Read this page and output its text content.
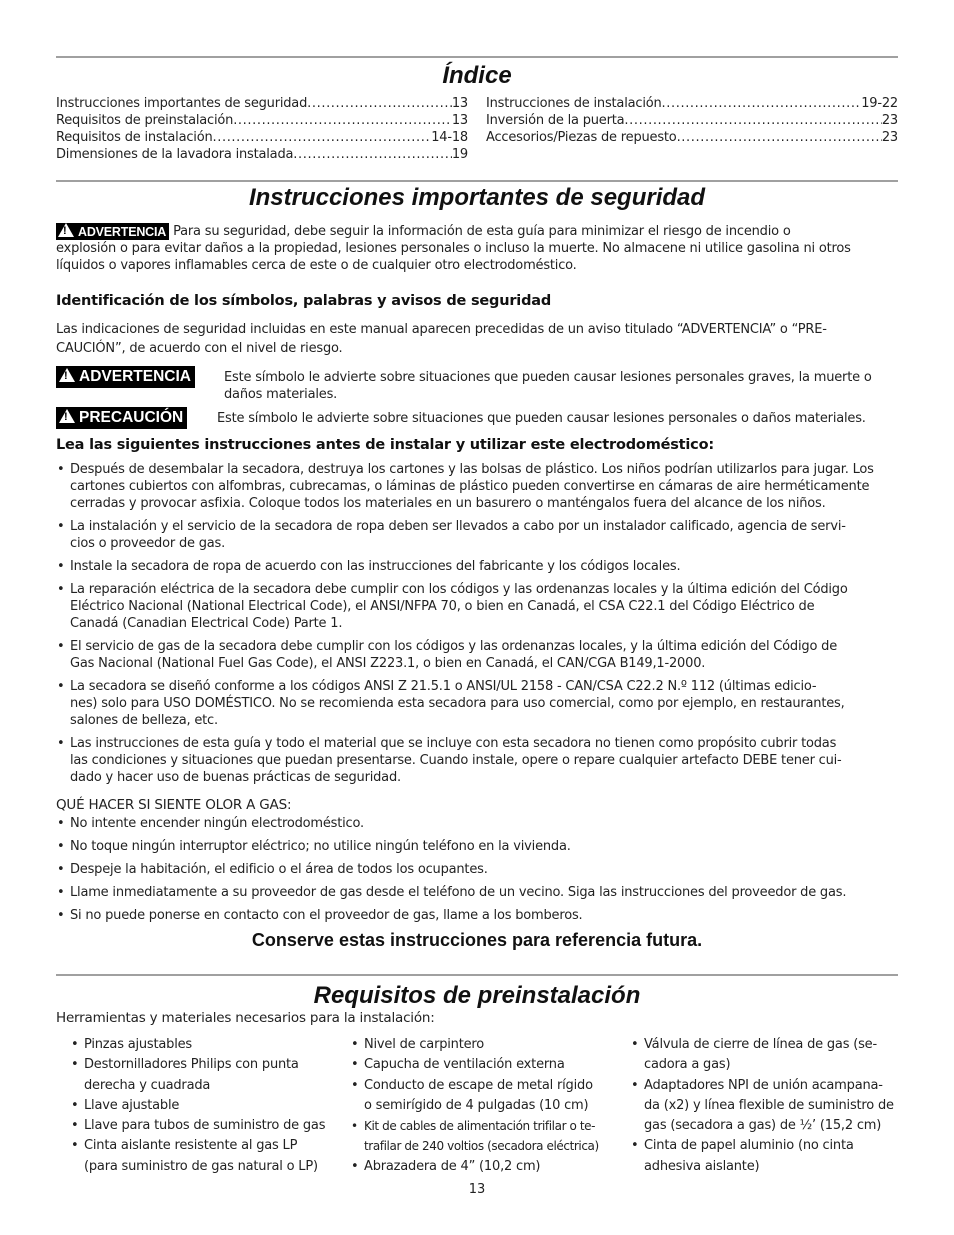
Índice
Instrucciones importantes de seguridad .....	13
Requisitos de preinstalación .....	13
Requisitos de instalación .....	14-18
Dimensiones de la lavadora instalada .....	19
Instrucciones de instalación .....	19-22
Inversión de la puerta .....	23
Accesorios/Piezas de repuesto .....	23
Instrucciones importantes de seguridad
!ADVERTENCIA Para su seguridad, debe seguir la información de esta guía para minimizar el riesgo de incendio o
explosión o para evitar daños a la propiedad, lesiones personales o incluso la muerte. No almacene ni utilice gasolina ni otros
líquidos o vapores inflamables cerca de este o de cualquier otro electrodoméstico.
Identificación de los símbolos, palabras y avisos de seguridad
Las indicaciones de seguridad incluidas en este manual aparecen precedidas de un aviso titulado “ADVERTENCIA” o “PRE-
CAUCIÓN”, de acuerdo con el nivel de riesgo.
!ADVERTENCIA	Este símbolo le advierte sobre situaciones que pueden causar lesiones personales graves, la muerte o
daños materiales.
!PRECAUCIÓN	Este símbolo le advierte sobre situaciones que pueden causar lesiones personales o daños materiales.
Lea las siguientes instrucciones antes de instalar y utilizar este electrodoméstico:
• Después de desembalar la secadora, destruya los cartones y las bolsas de plástico. Los niños podrían utilizarlos para jugar. Los
cartones cubiertos con alfombras, cubrecamas, o láminas de plástico pueden convertirse en cámaras de aire herméticamente
cerradas y provocar asfixia. Coloque todos los materiales en un basurero o manténgalos fuera del alcance de los niños.
• La instalación y el servicio de la secadora de ropa deben ser llevados a cabo por un instalador calificado, agencia de servi-
cios o proveedor de gas.
• Instale la secadora de ropa de acuerdo con las instrucciones del fabricante y los códigos locales.
• La reparación eléctrica de la secadora debe cumplir con los códigos y las ordenanzas locales y la última edición del Código
Eléctrico Nacional (National Electrical Code), el ANSI/NFPA 70, o bien en Canadá, el CSA C22.1 del Código Eléctrico de
Canadá (Canadian Electrical Code) Parte 1.
• El servicio de gas de la secadora debe cumplir con los códigos y las ordenanzas locales, y la última edición del Código de
Gas Nacional (National Fuel Gas Code), el ANSI Z223.1, o bien en Canadá, el CAN/CGA B149,1-2000.
• La secadora se diseñó conforme a los códigos ANSI Z 21.5.1 o ANSI/UL 2158 - CAN/CSA C22.2 N.º 112 (últimas edicio-
nes) solo para USO DOMÉSTICO. No se recomienda esta secadora para uso comercial, como por ejemplo, en restaurantes,
salones de belleza, etc.
• Las instrucciones de esta guía y todo el material que se incluye con esta secadora no tienen como propósito cubrir todas
las condiciones y situaciones que puedan presentarse. Cuando instale, opere o repare cualquier artefacto DEBE tener cui-
dado y hacer uso de buenas prácticas de seguridad.
QUÉ HACER SI SIENTE OLOR A GAS:
• No intente encender ningún electrodoméstico.
• No toque ningún interruptor eléctrico; no utilice ningún teléfono en la vivienda.
• Despeje la habitación, el edificio o el área de todos los ocupantes.
• Llame inmediatamente a su proveedor de gas desde el teléfono de un vecino. Siga las instrucciones del proveedor de gas.
• Si no puede ponerse en contacto con el proveedor de gas, llame a los bomberos.
Conserve estas instrucciones para referencia futura.
Requisitos de preinstalación
Herramientas y materiales necesarios para la instalación:
• Pinzas ajustables
• Destornilladores Philips con punta
derecha y cuadrada
• Llave ajustable
• Llave para tubos de suministro de gas
• Cinta aislante resistente al gas LP
(para suministro de gas natural o LP)
• Nivel de carpintero
• Capucha de ventilación externa
• Conducto de escape de metal rígido
o semirígido de 4 pulgadas (10 cm)
• Kit de cables de alimentación trifilar o te-
trafilar de 240 voltios (secadora eléctrica)
• Abrazadera de 4” (10,2 cm)
• Válvula de cierre de línea de gas (se-
cadora a gas)
• Adaptadores NPI de unión acampana-
da (x2) y línea flexible de suministro de
gas (secadora a gas) de ½’ (15,2 cm)
• Cinta de papel aluminio (no cinta
adhesiva aislante)
13
